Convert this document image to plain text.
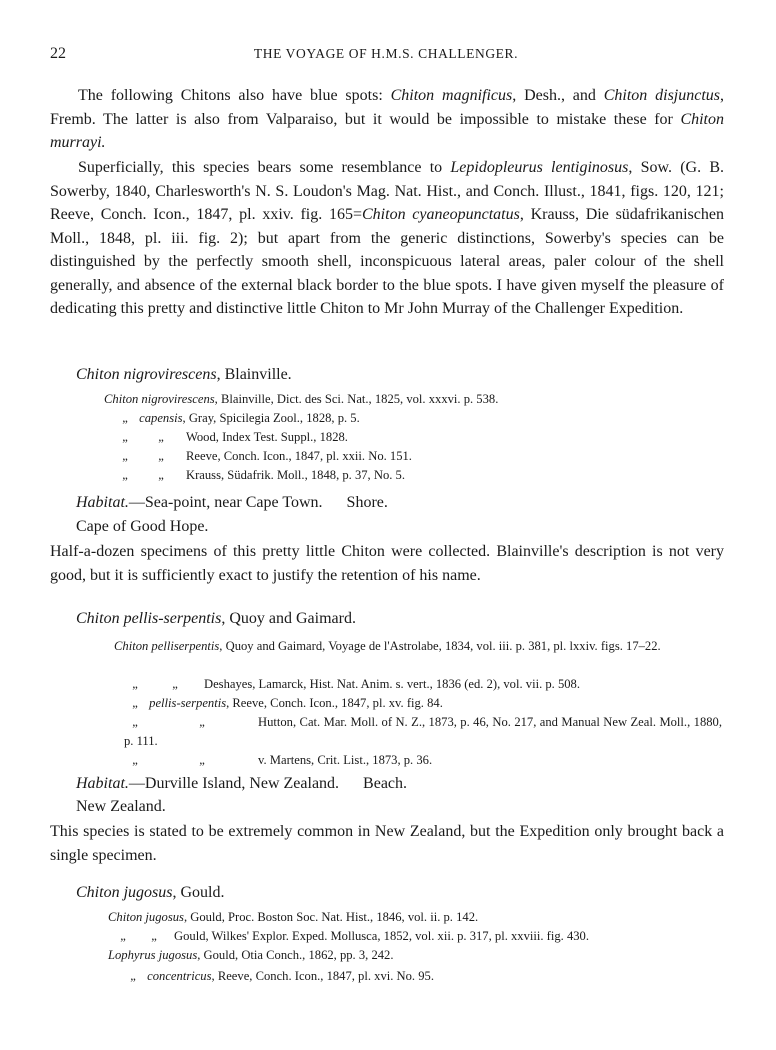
22	THE VOYAGE OF H.M.S. CHALLENGER.

The following Chitons also have blue spots: Chiton magnificus, Desh., and Chiton disjunctus, Fremb. The latter is also from Valparaiso, but it would be impossible to mistake these for Chiton murrayi.

Superficially, this species bears some resemblance to Lepidopleurus lentiginosus, Sow. (G. B. Sowerby, 1840, Charlesworth's N. S. Loudon's Mag. Nat. Hist., and Conch. Illust., 1841, figs. 120, 121; Reeve, Conch. Icon., 1847, pl. xxiv. fig. 165=Chiton cyaneopunctatus, Krauss, Die südafrikanischen Moll., 1848, pl. iii. fig. 2); but apart from the generic distinctions, Sowerby's species can be distinguished by the perfectly smooth shell, inconspicuous lateral areas, paler colour of the shell generally, and absence of the external black border to the blue spots. I have given myself the pleasure of dedicating this pretty and distinctive little Chiton to Mr John Murray of the Challenger Expedition.

Chiton nigrovirescens, Blainville.
Chiton nigrovirescens, Blainville, Dict. des Sci. Nat., 1825, vol. xxxvi. p. 538.
„ capensis, Gray, Spicilegia Zool., 1828, p. 5.
„ „ Wood, Index Test. Suppl., 1828.
„ „ Reeve, Conch. Icon., 1847, pl. xxii. No. 151.
„ „ Krauss, Südafrik. Moll., 1848, p. 37, No. 5.
Habitat.—Sea-point, near Cape Town. Shore.
Cape of Good Hope.
Half-a-dozen specimens of this pretty little Chiton were collected. Blainville's description is not very good, but it is sufficiently exact to justify the retention of his name.
Chiton pellis-serpentis, Quoy and Gaimard.
Chiton pelliserpentis, Quoy and Gaimard, Voyage de l'Astrolabe, 1834, vol. iii. p. 381, pl. lxxiv. figs. 17–22.
„	„ Deshayes, Lamarck, Hist. Nat. Anim. s. vert., 1836 (ed. 2), vol. vii. p. 508.
„ pellis-serpentis, Reeve, Conch. Icon., 1847, pl. xv. fig. 84.
„	„	Hutton, Cat. Mar. Moll. of N. Z., 1873, p. 46, No. 217, and Manual New Zeal. Moll., 1880, p. 111.
„	„	v. Martens, Crit. List., 1873, p. 36.
Habitat.—Durville Island, New Zealand. Beach.
New Zealand.
This species is stated to be extremely common in New Zealand, but the Expedition only brought back a single specimen.
Chiton jugosus, Gould.
Chiton jugosus, Gould, Proc. Boston Soc. Nat. Hist., 1846, vol. ii. p. 142.
„ „ Gould, Wilkes' Explor. Exped. Mollusca, 1852, vol. xii. p. 317, pl. xxviii. fig. 430.
Lophyrus jugosus, Gould, Otia Conch., 1862, pp. 3, 242.
„ concentricus, Reeve, Conch. Icon., 1847, pl. xvi. No. 95.
